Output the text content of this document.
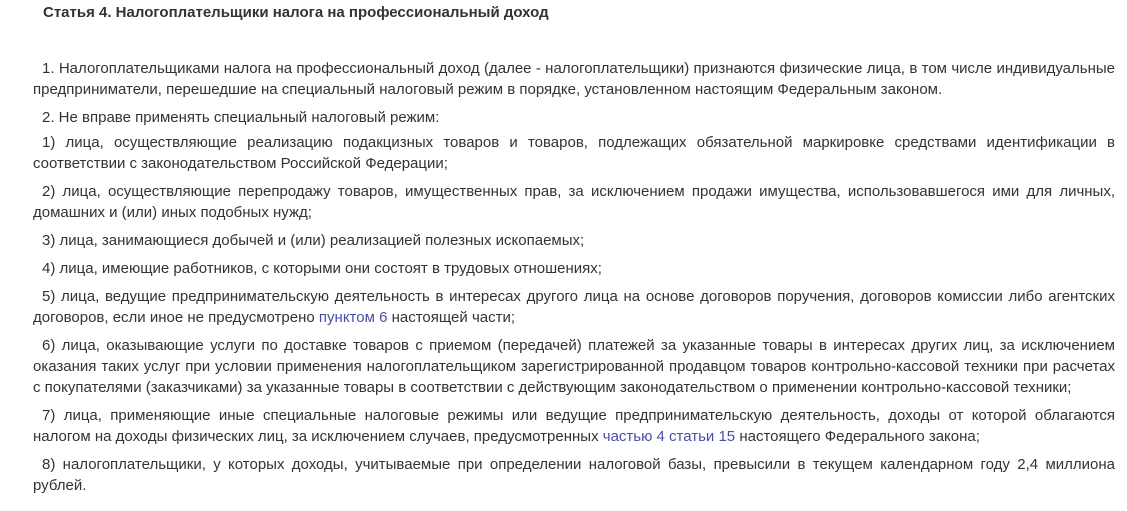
Статья 4. Налогоплательщики налога на профессиональный доход

1. Налогоплательщиками налога на профессиональный доход (далее - налогоплательщики) признаются физические лица, в том числе индивидуальные предприниматели, перешедшие на специальный налоговый режим в порядке, установленном настоящим Федеральным законом.

2. Не вправе применять специальный налоговый режим:

1) лица, осуществляющие реализацию подакцизных товаров и товаров, подлежащих обязательной маркировке средствами идентификации в соответствии с законодательством Российской Федерации;

2) лица, осуществляющие перепродажу товаров, имущественных прав, за исключением продажи имущества, использовавшегося ими для личных, домашних и (или) иных подобных нужд;

3) лица, занимающиеся добычей и (или) реализацией полезных ископаемых;

4) лица, имеющие работников, с которыми они состоят в трудовых отношениях;

5) лица, ведущие предпринимательскую деятельность в интересах другого лица на основе договоров поручения, договоров комиссии либо агентских договоров, если иное не предусмотрено пунктом 6 настоящей части;

6) лица, оказывающие услуги по доставке товаров с приемом (передачей) платежей за указанные товары в интересах других лиц, за исключением оказания таких услуг при условии применения налогоплательщиком зарегистрированной продавцом товаров контрольно-кассовой техники при расчетах с покупателями (заказчиками) за указанные товары в соответствии с действующим законодательством о применении контрольно-кассовой техники;

7) лица, применяющие иные специальные налоговые режимы или ведущие предпринимательскую деятельность, доходы от которой облагаются налогом на доходы физических лиц, за исключением случаев, предусмотренных частью 4 статьи 15 настоящего Федерального закона;

8) налогоплательщики, у которых доходы, учитываемые при определении налоговой базы, превысили в текущем календарном году 2,4 миллиона рублей.
